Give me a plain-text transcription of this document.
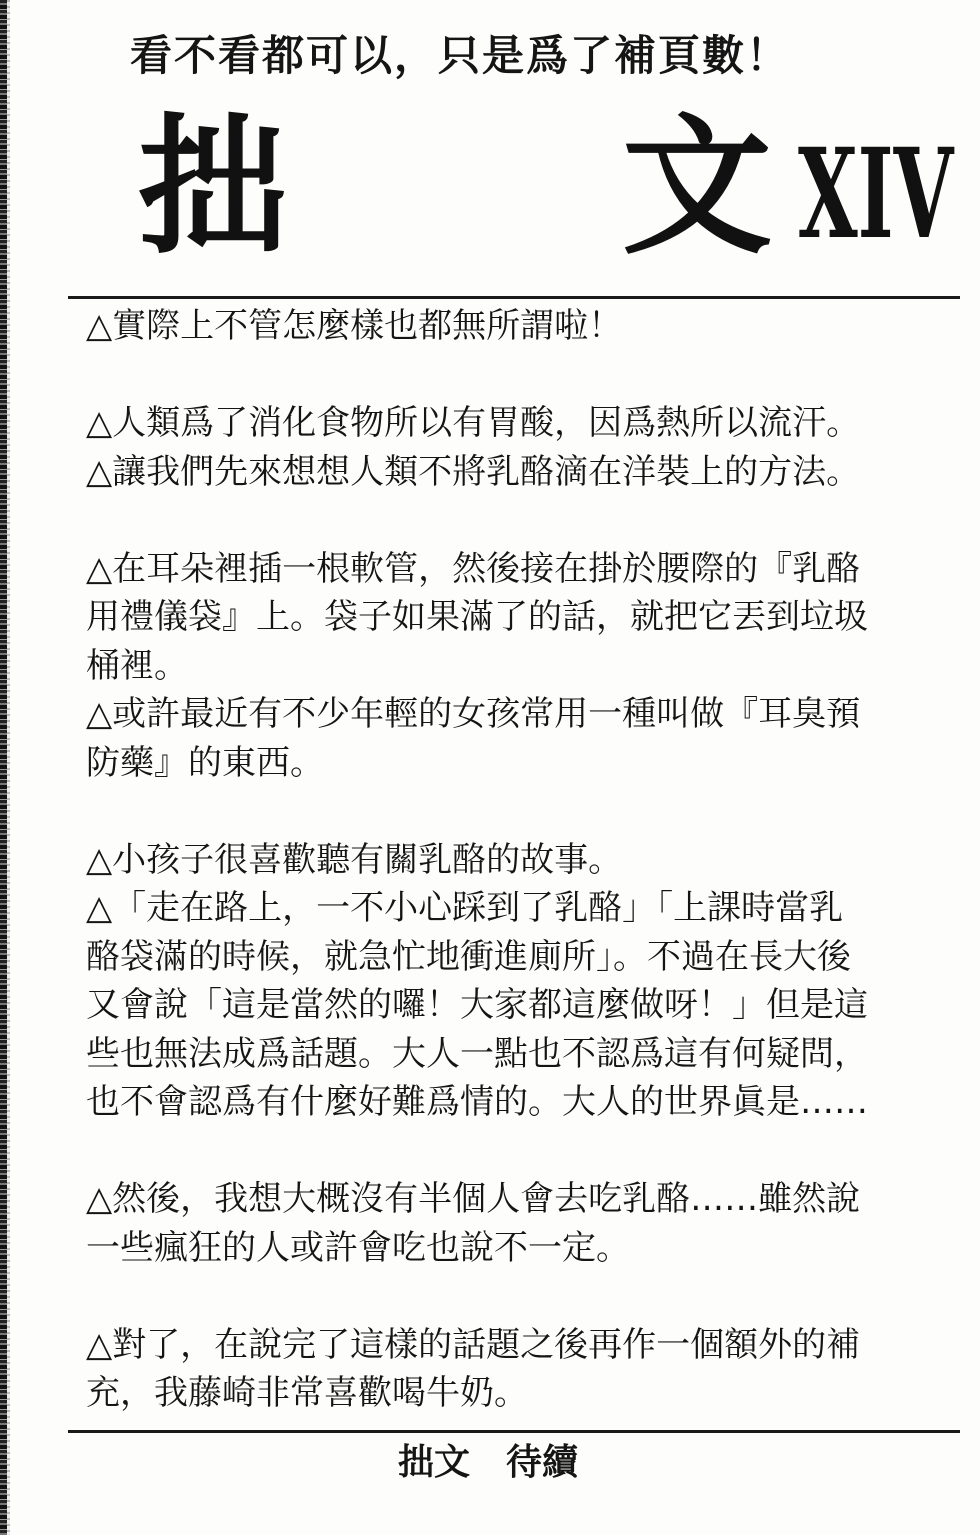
看不看都可以，只是爲了補頁數！
拙 文 XIV

△實際上不管怎麼樣也都無所謂啦！

△人類爲了消化食物所以有胃酸，因爲熱所以流汗。

△讓我們先來想想人類不將乳酪滴在洋裝上的方法。

△在耳朵裡插一根軟管，然後接在掛於腰際的『乳酪
用禮儀袋』上。袋子如果滿了的話，就把它丟到垃圾
桶裡。

△或許最近有不少年輕的女孩常用一種叫做『耳臭預
防藥』的東西。

△小孩子很喜歡聽有關乳酪的故事。

△「走在路上，一不小心踩到了乳酪」「上課時當乳
酪袋滿的時候，就急忙地衝進廁所」。不過在長大後
又會說「這是當然的囉！大家都這麼做呀！」但是這
些也無法成爲話題。大人一點也不認爲這有何疑問，
也不會認爲有什麼好難爲情的。大人的世界眞是……

△然後，我想大概沒有半個人會去吃乳酪……雖然說
一些瘋狂的人或許會吃也說不一定。

△對了，在說完了這樣的話題之後再作一個額外的補
充，我藤崎非常喜歡喝牛奶。

拙文　待續
